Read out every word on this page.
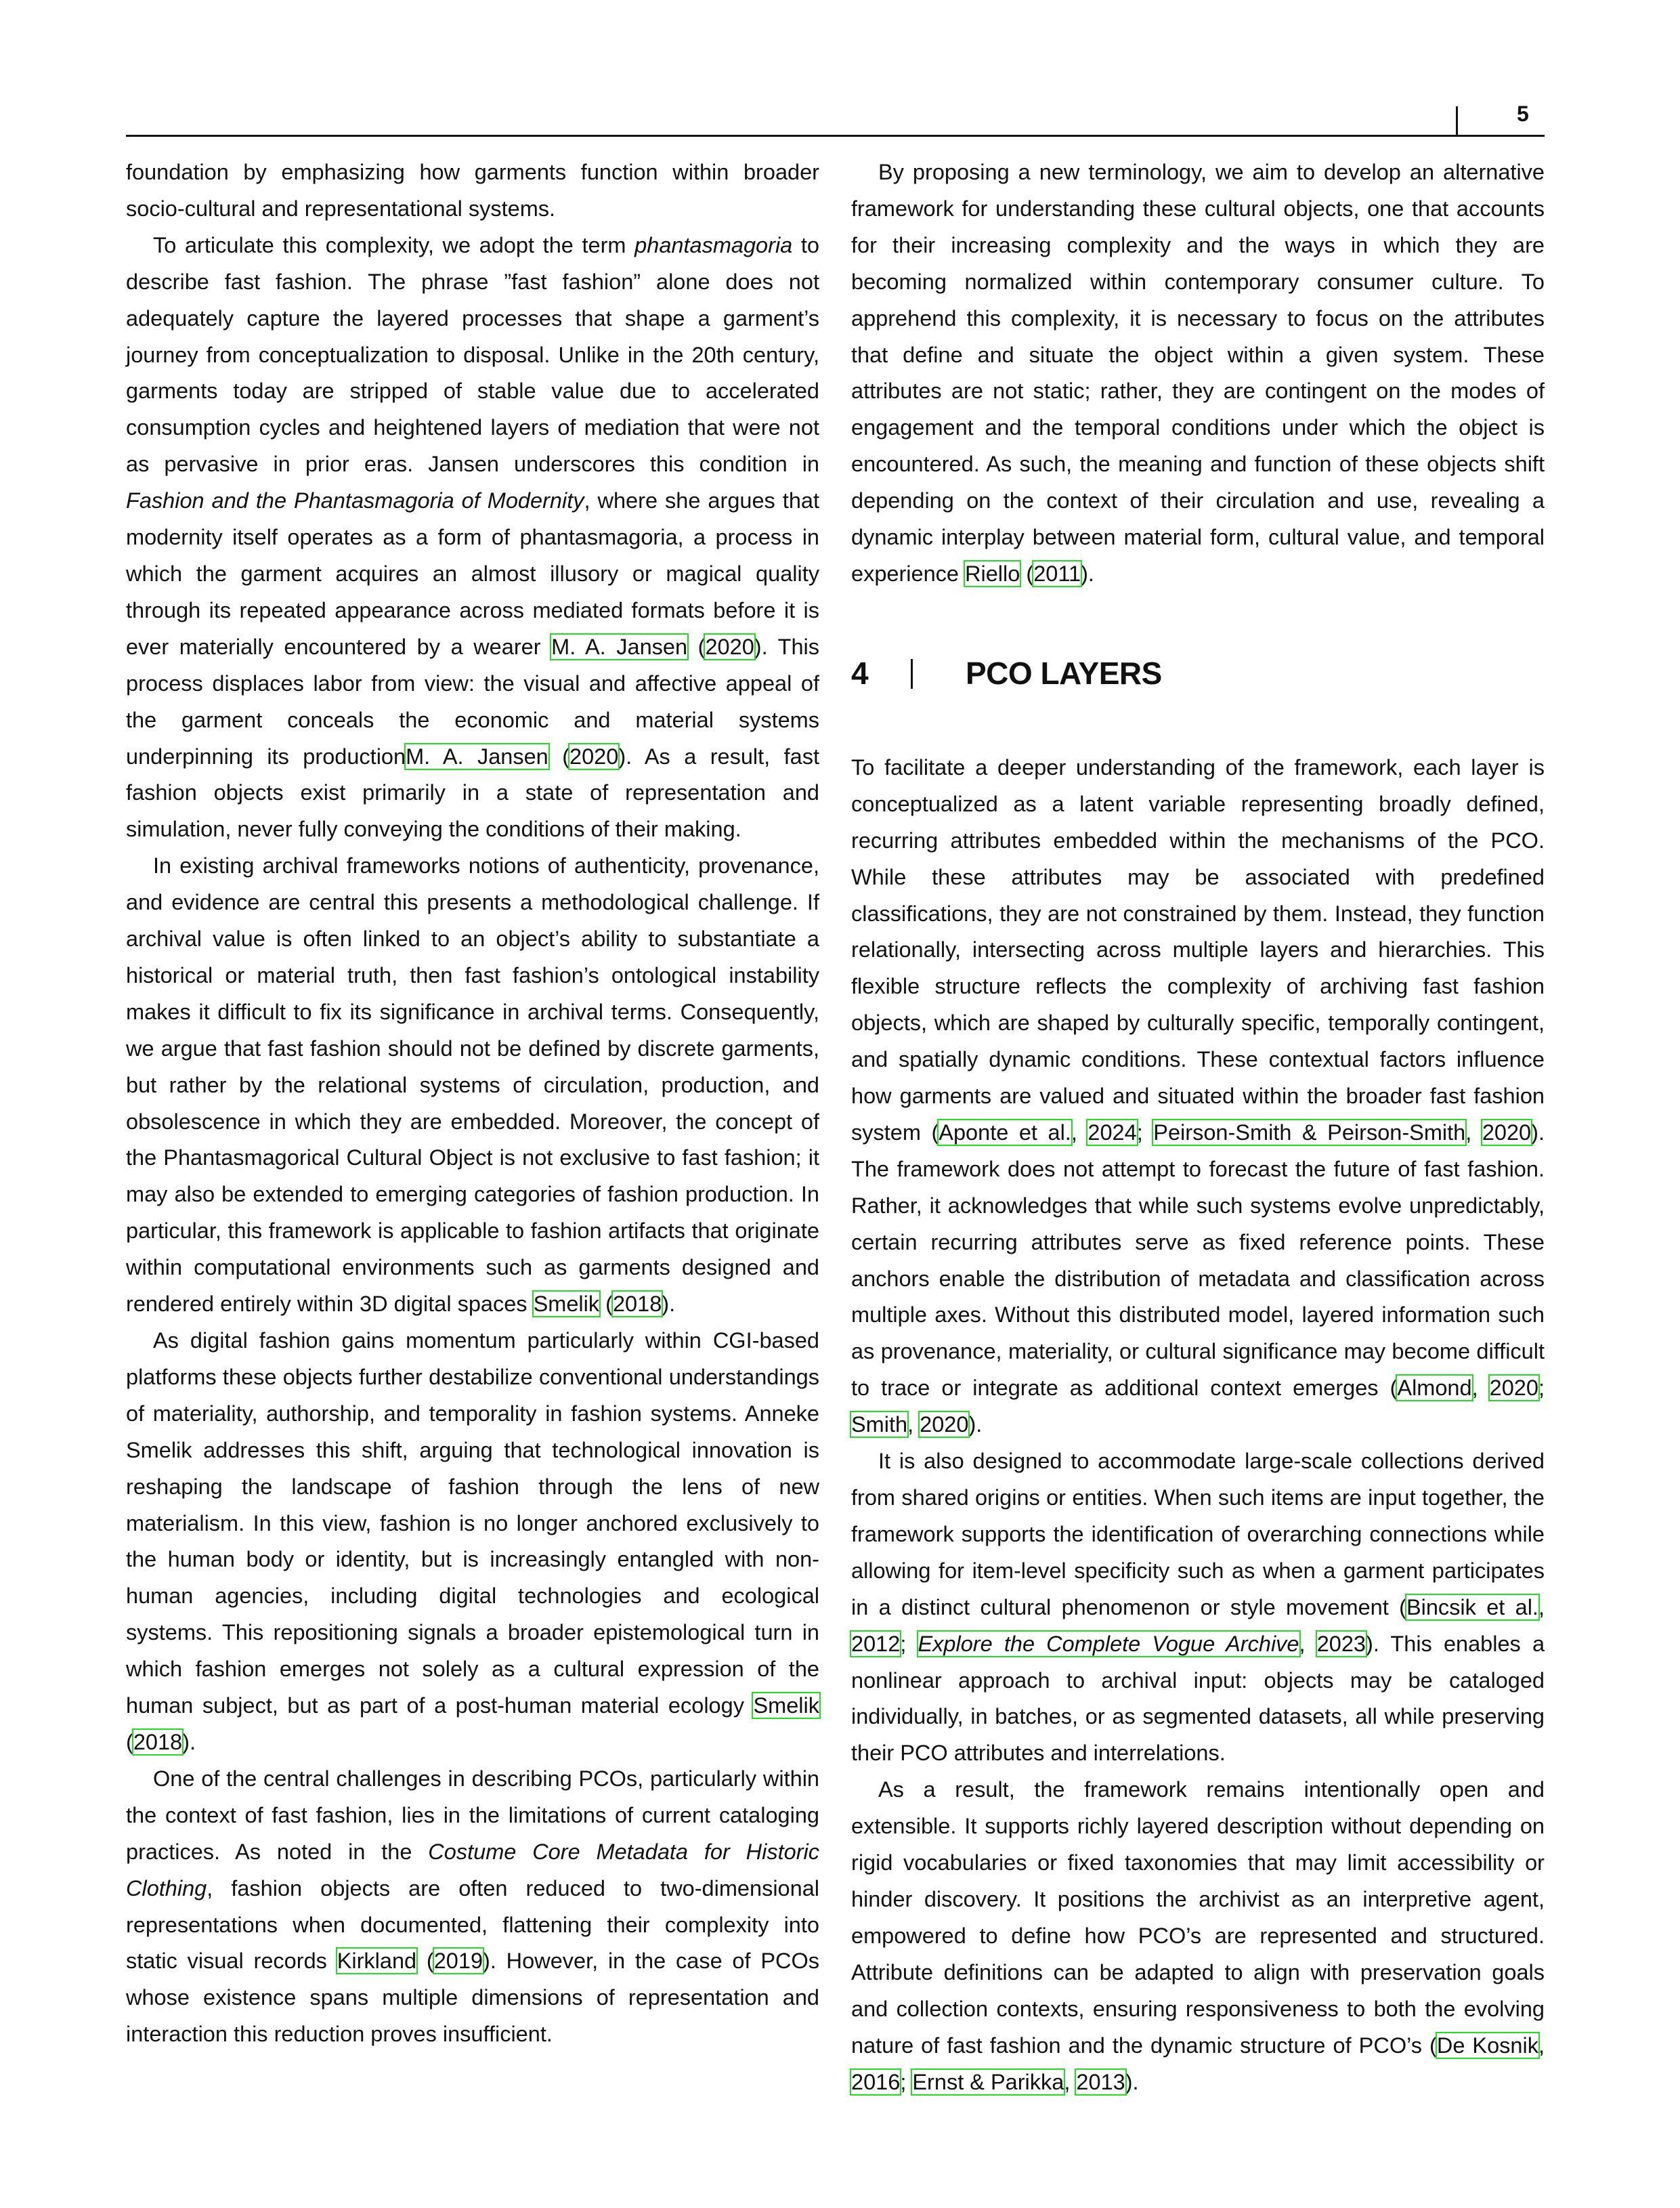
5

foundation by emphasizing how garments function within broader socio-cultural and representational systems.

To articulate this complexity, we adopt the term phantasmagoria to describe fast fashion. The phrase ”fast fashion” alone does not adequately capture the layered processes that shape a garment’s journey from conceptualization to disposal. Unlike in the 20th century, garments today are stripped of stable value due to accelerated consumption cycles and heightened layers of mediation that were not as pervasive in prior eras. Jansen underscores this condition in Fashion and the Phantasmagoria of Modernity, where she argues that modernity itself operates as a form of phantasmagoria, a process in which the garment acquires an almost illusory or magical quality through its repeated appearance across mediated formats before it is ever materially encountered by a wearer M. A. Jansen (2020). This process displaces labor from view: the visual and affective appeal of the garment conceals the economic and material systems underpinning its productionM. A. Jansen (2020). As a result, fast fashion objects exist primarily in a state of representation and simulation, never fully conveying the conditions of their making.

In existing archival frameworks notions of authenticity, provenance, and evidence are central this presents a methodological challenge. If archival value is often linked to an object’s ability to substantiate a historical or material truth, then fast fashion’s ontological instability makes it difficult to fix its significance in archival terms. Consequently, we argue that fast fashion should not be defined by discrete garments, but rather by the relational systems of circulation, production, and obsolescence in which they are embedded. Moreover, the concept of the Phantasmagorical Cultural Object is not exclusive to fast fashion; it may also be extended to emerging categories of fashion production. In particular, this framework is applicable to fashion artifacts that originate within computational environments such as garments designed and rendered entirely within 3D digital spaces Smelik (2018).

As digital fashion gains momentum particularly within CGI-based platforms these objects further destabilize conventional understandings of materiality, authorship, and temporality in fashion systems. Anneke Smelik addresses this shift, arguing that technological innovation is reshaping the landscape of fashion through the lens of new materialism. In this view, fashion is no longer anchored exclusively to the human body or identity, but is increasingly entangled with non-human agencies, including digital technologies and ecological systems. This repositioning signals a broader epistemological turn in which fashion emerges not solely as a cultural expression of the human subject, but as part of a post-human material ecology Smelik (2018).

One of the central challenges in describing PCOs, particularly within the context of fast fashion, lies in the limitations of current cataloging practices. As noted in the Costume Core Metadata for Historic Clothing, fashion objects are often reduced to two-dimensional representations when documented, flattening their complexity into static visual records Kirkland (2019). However, in the case of PCOs whose existence spans multiple dimensions of representation and interaction this reduction proves insufficient.

By proposing a new terminology, we aim to develop an alternative framework for understanding these cultural objects, one that accounts for their increasing complexity and the ways in which they are becoming normalized within contemporary consumer culture. To apprehend this complexity, it is necessary to focus on the attributes that define and situate the object within a given system. These attributes are not static; rather, they are contingent on the modes of engagement and the temporal conditions under which the object is encountered. As such, the meaning and function of these objects shift depending on the context of their circulation and use, revealing a dynamic interplay between material form, cultural value, and temporal experience Riello (2011).

4	PCO LAYERS

To facilitate a deeper understanding of the framework, each layer is conceptualized as a latent variable representing broadly defined, recurring attributes embedded within the mechanisms of the PCO. While these attributes may be associated with predefined classifications, they are not constrained by them. Instead, they function relationally, intersecting across multiple layers and hierarchies. This flexible structure reflects the complexity of archiving fast fashion objects, which are shaped by culturally specific, temporally contingent, and spatially dynamic conditions. These contextual factors influence how garments are valued and situated within the broader fast fashion system (Aponte et al., 2024; Peirson-Smith & Peirson-Smith, 2020). The framework does not attempt to forecast the future of fast fashion. Rather, it acknowledges that while such systems evolve unpredictably, certain recurring attributes serve as fixed reference points. These anchors enable the distribution of metadata and classification across multiple axes. Without this distributed model, layered information such as provenance, materiality, or cultural significance may become difficult to trace or integrate as additional context emerges (Almond, 2020; Smith, 2020).

It is also designed to accommodate large-scale collections derived from shared origins or entities. When such items are input together, the framework supports the identification of overarching connections while allowing for item-level specificity such as when a garment participates in a distinct cultural phenomenon or style movement (Bincsik et al., 2012; Explore the Complete Vogue Archive, 2023). This enables a nonlinear approach to archival input: objects may be cataloged individually, in batches, or as segmented datasets, all while preserving their PCO attributes and interrelations.

As a result, the framework remains intentionally open and extensible. It supports richly layered description without depending on rigid vocabularies or fixed taxonomies that may limit accessibility or hinder discovery. It positions the archivist as an interpretive agent, empowered to define how PCO’s are represented and structured. Attribute definitions can be adapted to align with preservation goals and collection contexts, ensuring responsiveness to both the evolving nature of fast fashion and the dynamic structure of PCO’s (De Kosnik, 2016; Ernst & Parikka, 2013).
